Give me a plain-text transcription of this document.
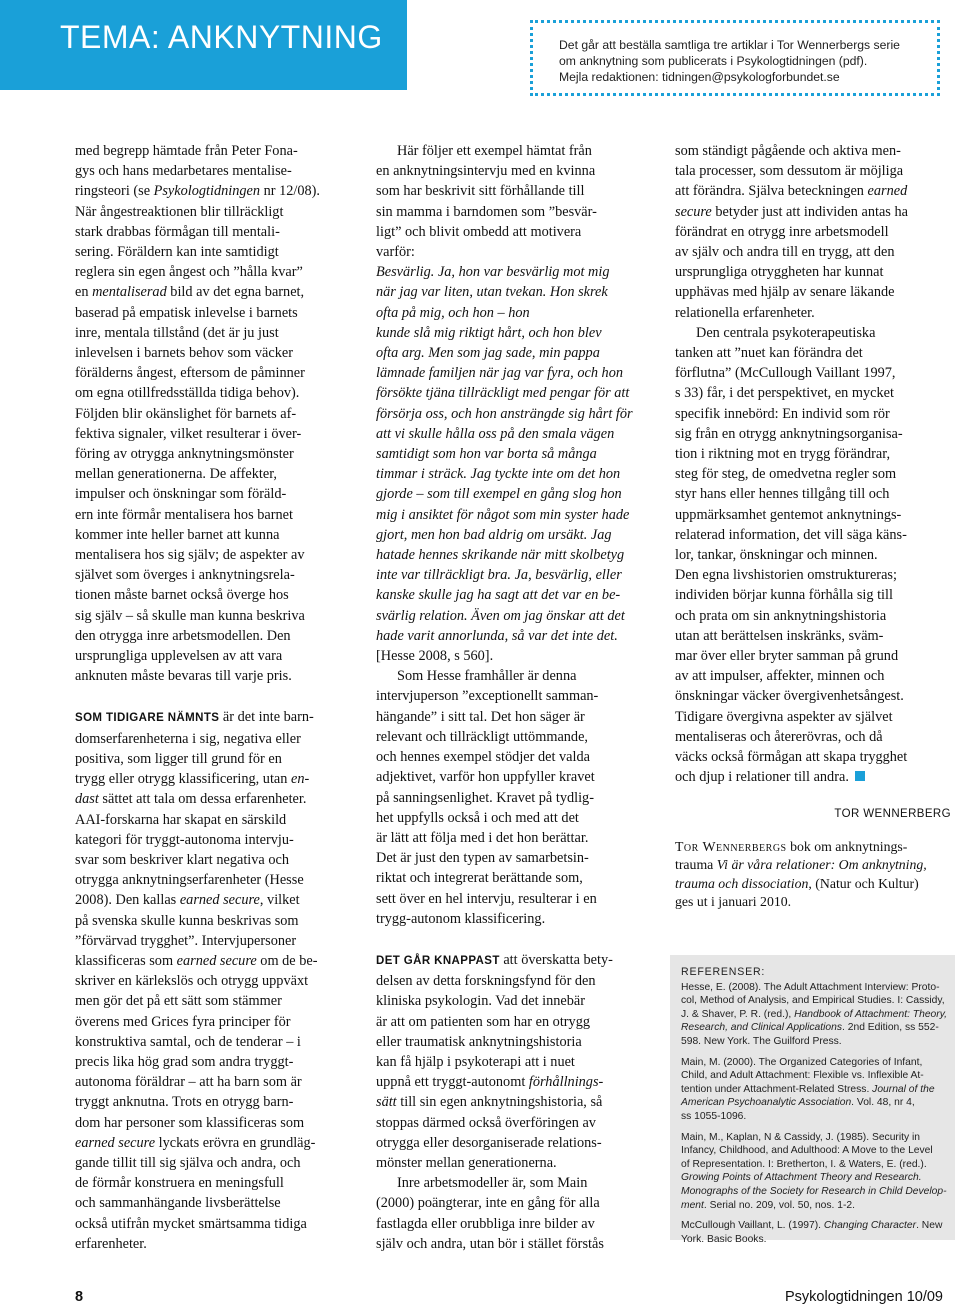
TEMA: ANKNYTNING	Det går att beställa samtliga tre artiklar i Tor Wennerbergs serie
om anknytning som publicerats i Psykologtidningen (pdf).
Mejla redaktionen: tidningen@psykologforbundet.se

med begrepp hämtade från Peter Fona-
gys och hans medarbetares mentalise-
ringsteori (se Psykologtidningen nr 12/08).
När ångestreaktionen blir tillräckligt
stark drabbas förmågan till mentali-
sering. Föräldern kan inte samtidigt
reglera sin egen ångest och ”hålla kvar”
en mentaliserad bild av det egna barnet,
baserad på empatisk inlevelse i barnets
inre, mentala tillstånd (det är ju just
inlevelsen i barnets behov som väcker
förälderns ångest, eftersom de påminner
om egna otillfredsställda tidiga behov).
Följden blir okänslighet för barnets af-
fektiva signaler, vilket resulterar i över-
föring av otrygga anknytningsmönster
mellan generationerna. De affekter,
impulser och önskningar som föräld-
ern inte förmår mentalisera hos barnet
kommer inte heller barnet att kunna
mentalisera hos sig själv; de aspekter av
självet som överges i anknytningsrela-
tionen måste barnet också överge hos
sig själv – så skulle man kunna beskriva
den otrygga inre arbetsmodellen. Den
ursprungliga upplevelsen av att vara
anknuten måste bevaras till varje pris.

SOM TIDIGARE NÄMNTS är det inte barn-
domserfarenheterna i sig, negativa eller
positiva, som ligger till grund för en
trygg eller otrygg klassificering, utan en-
dast sättet att tala om dessa erfarenheter.
AAI-forskarna har skapat en särskild
kategori för tryggt-autonoma intervju-
svar som beskriver klart negativa och
otrygga anknytningserfarenheter (Hesse
2008). Den kallas earned secure, vilket
på svenska skulle kunna beskrivas som
”förvärvad trygghet”. Intervjupersoner
klassificeras som earned secure om de be-
skriver en kärlekslös och otrygg uppväxt
men gör det på ett sätt som stämmer
överens med Grices fyra principer för
konstruktiva samtal, och de tenderar – i
precis lika hög grad som andra tryggt-
autonoma föräldrar – att ha barn som är
tryggt anknutna. Trots en otrygg barn-
dom har personer som klassificeras som
earned secure lyckats erövra en grundläg-
gande tillit till sig själva och andra, och
de förmår konstruera en meningsfull
och sammanhängande livsberättelse
också utifrån mycket smärtsamma tidiga
erfarenheter.

Här följer ett exempel hämtat från
en anknytningsintervju med en kvinna
som har beskrivit sitt förhållande till
sin mamma i barndomen som ”besvär-
ligt” och blivit ombedd att motivera
varför:

Besvärlig. Ja, hon var besvärlig mot mig
när jag var liten, utan tvekan. Hon skrek
ofta på mig, och hon – hon
kunde slå mig riktigt hårt, och hon blev
ofta arg. Men som jag sade, min pappa
lämnade familjen när jag var fyra, och hon
försökte tjäna tillräckligt med pengar för att
försörja oss, och hon ansträngde sig hårt för
att vi skulle hålla oss på den smala vägen
samtidigt som hon var borta så många
timmar i sträck. Jag tyckte inte om det hon
gjorde – som till exempel en gång slog hon
mig i ansiktet för något som min syster hade
gjort, men hon bad aldrig om ursäkt. Jag
hatade hennes skrikande när mitt skolbetyg
inte var tillräckligt bra. Ja, besvärlig, eller
kanske skulle jag ha sagt att det var en be-
svärlig relation. Även om jag önskar att det
hade varit annorlunda, så var det inte det.
[Hesse 2008, s 560].

Som Hesse framhåller är denna
intervjuperson ”exceptionellt samman-
hängande” i sitt tal. Det hon säger är
relevant och tillräckligt uttömmande,
och hennes exempel stödjer det valda
adjektivet, varför hon uppfyller kravet
på sanningsenlighet. Kravet på tydlig-
het uppfylls också i och med att det
är lätt att följa med i det hon berättar.
Det är just den typen av samarbetsin-
riktat och integrerat berättande som,
sett över en hel intervju, resulterar i en
trygg-autonom klassificering.

DET GÅR KNAPPAST att överskatta bety-
delsen av detta forskningsfynd för den
kliniska psykologin. Vad det innebär
är att om patienten som har en otrygg
eller traumatisk anknytningshistoria
kan få hjälp i psykoterapi att i nuet
uppnå ett tryggt-autonomt förhållnings-
sätt till sin egen anknytningshistoria, så
stoppas därmed också överföringen av
otrygga eller desorganiserade relations-
mönster mellan generationerna.

Inre arbetsmodeller är, som Main
(2000) poängterar, inte en gång för alla
fastlagda eller orubbliga inre bilder av
själv och andra, utan bör i stället förstås

som ständigt pågående och aktiva men-
tala processer, som dessutom är möjliga
att förändra. Själva beteckningen earned
secure betyder just att individen antas ha
förändrat en otrygg inre arbetsmodell
av själv och andra till en trygg, att den
ursprungliga otryggheten har kunnat
upphävas med hjälp av senare läkande
relationella erfarenheter.

Den centrala psykoterapeutiska
tanken att ”nuet kan förändra det
förflutna” (McCullough Vaillant 1997,
s 33) får, i det perspektivet, en mycket
specifik innebörd: En individ som rör
sig från en otrygg anknytningsorganisa-
tion i riktning mot en trygg förändrar,
steg för steg, de omedvetna regler som
styr hans eller hennes tillgång till och
uppmärksamhet gentemot anknytnings-
relaterad information, det vill säga käns-
lor, tankar, önskningar och minnen.
Den egna livshistorien omstruktureras;
individen börjar kunna förhålla sig till
och prata om sin anknytningshistoria
utan att berättelsen inskränks, sväm-
mar över eller bryter samman på grund
av att impulser, affekter, minnen och
önskningar väcker övergivenhetsångest.
Tidigare övergivna aspekter av självet
mentaliseras och återerövras, och då
väcks också förmågan att skapa trygghet
och djup i relationer till andra.

TOR WENNERBERG

Tor Wennerbergs bok om anknytnings-
trauma Vi är våra relationer: Om anknytning,
trauma och dissociation, (Natur och Kultur)
ges ut i januari 2010.

REFERENSER:
Hesse, E. (2008). The Adult Attachment Interview: Proto-
col, Method of Analysis, and Empirical Studies. I: Cassidy,
J. & Shaver, P. R. (red.), Handbook of Attachment: Theory,
Research, and Clinical Applications. 2nd Edition, ss 552-
598. New York. The Guilford Press.
Main, M. (2000). The Organized Categories of Infant,
Child, and Adult Attachment: Flexible vs. Inflexible At-
tention under Attachment-Related Stress. Journal of the
American Psychoanalytic Association. Vol. 48, nr 4,
ss 1055-1096.
Main, M., Kaplan, N & Cassidy, J. (1985). Security in
Infancy, Childhood, and Adulthood: A Move to the Level
of Representation. I: Bretherton, I. & Waters, E. (red.).
Growing Points of Attachment Theory and Research.
Monographs of the Society for Research in Child Develop-
ment. Serial no. 209, vol. 50, nos. 1-2.
McCullough Vaillant, L. (1997). Changing Character. New
York. Basic Books.
8	Psykologtidningen 10/09
